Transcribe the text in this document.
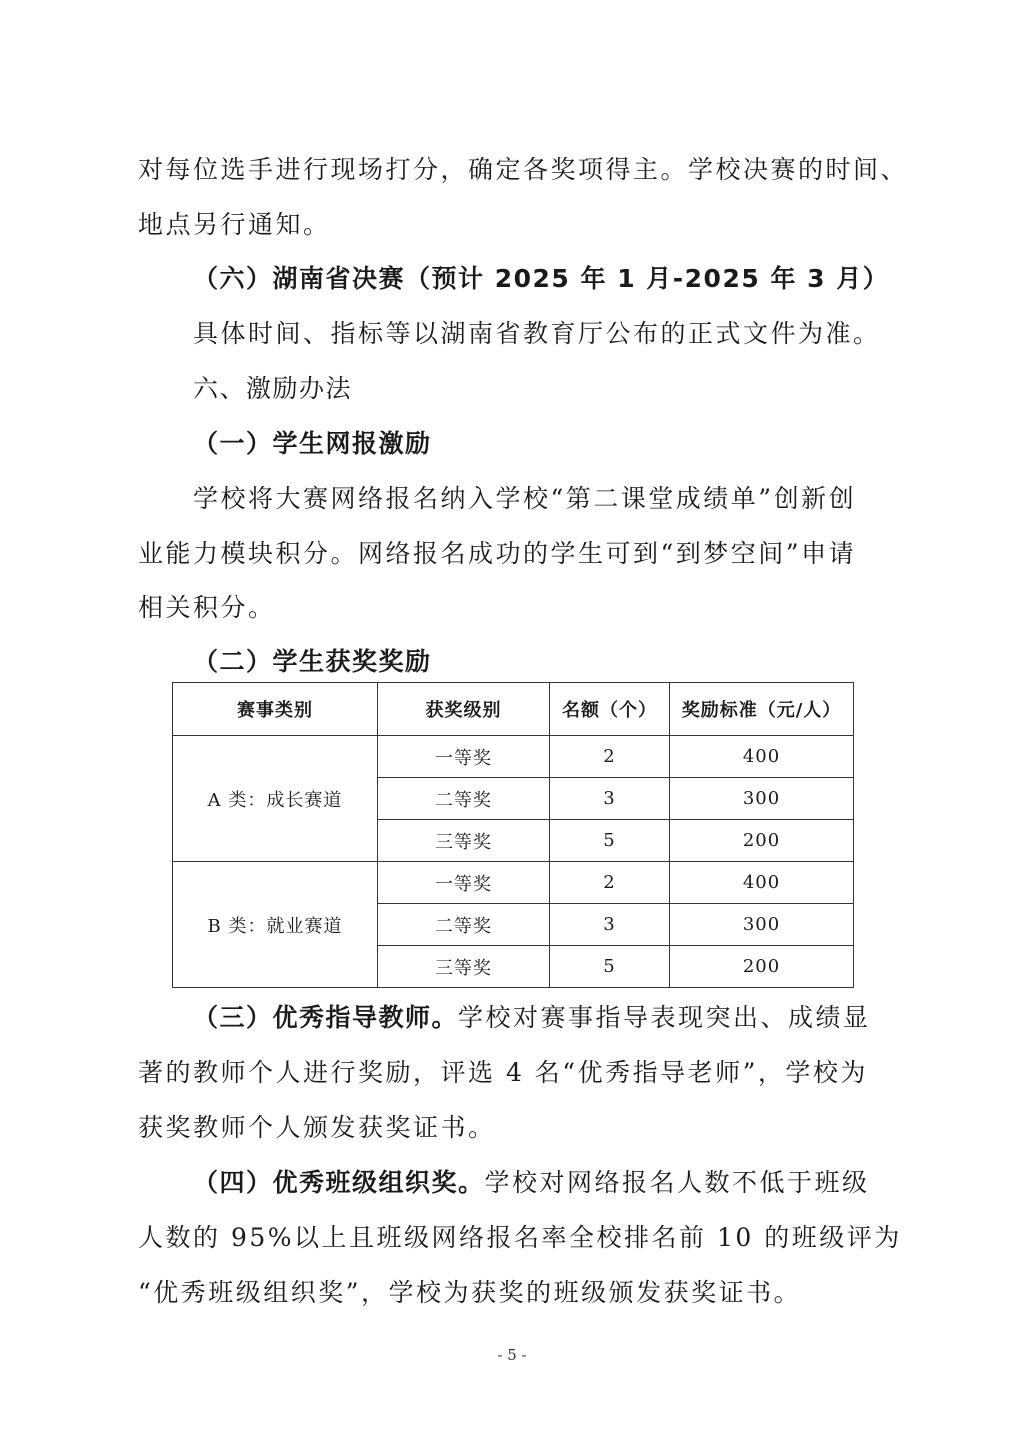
对每位选手进行现场打分，确定各奖项得主。学校决赛的时间、
地点另行通知。
（六）湖南省决赛（预计 2025 年 1 月-2025 年 3 月）
具体时间、指标等以湖南省教育厅公布的正式文件为准。
六、激励办法
（一）学生网报激励
学校将大赛网络报名纳入学校“第二课堂成绩单”创新创
业能力模块积分。网络报名成功的学生可到“到梦空间”申请
相关积分。
（二）学生获奖奖励
赛事类别	获奖级别	名额（个）	奖励标准（元/人）
A 类：成长赛道	一等奖	2	400
	二等奖	3	300
	三等奖	5	200
B 类：就业赛道	一等奖	2	400
	二等奖	3	300
	三等奖	5	200
（三）优秀指导教师。学校对赛事指导表现突出、成绩显
著的教师个人进行奖励，评选 4 名“优秀指导老师”，学校为
获奖教师个人颁发获奖证书。
（四）优秀班级组织奖。学校对网络报名人数不低于班级
人数的 95%以上且班级网络报名率全校排名前 10 的班级评为
“优秀班级组织奖”，学校为获奖的班级颁发获奖证书。
- 5 -
